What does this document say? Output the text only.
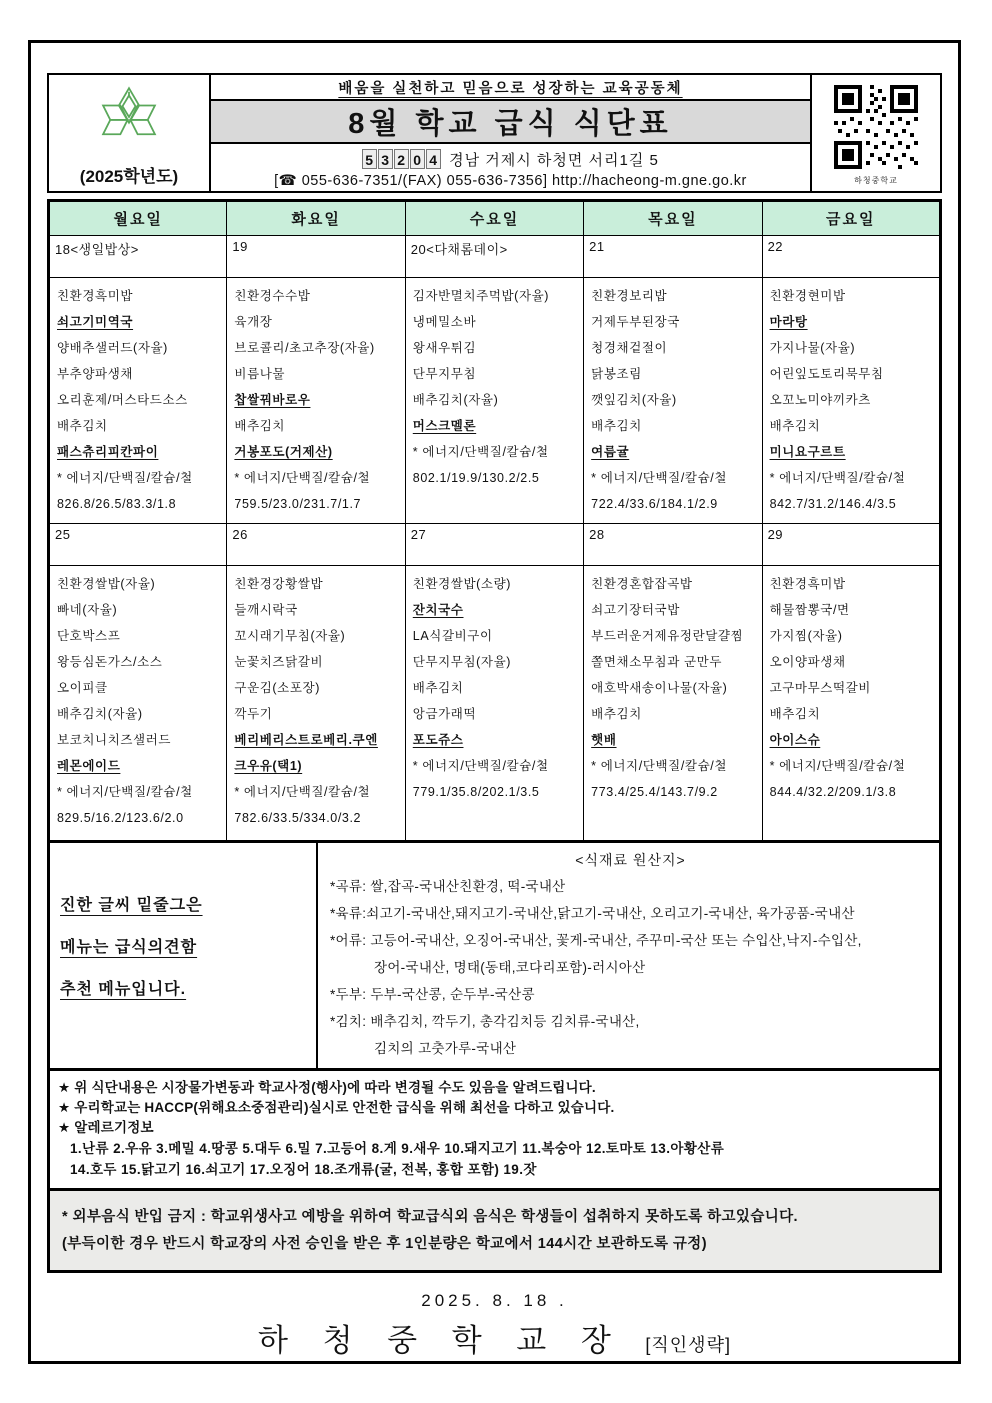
(2025학년도)
배움을 실천하고 믿음으로 성장하는 교육공동체
8월 학교 급식 식단표
5 3 2 0 4 경남 거제시 하청면 서리1길 5
[☎ 055-636-7351/(FAX) 055-636-7356] http://hacheong-m.gne.go.kr	하청중학교
월요일	화요일	수요일	목요일	금요일
18<생일밥상>	19	20<다채롬데이>	21	22

친환경흑미밥
쇠고기미역국
양배추샐러드(자율)
부추양파생채
오리훈제/머스타드소스
배추김치
패스츄리피칸파이
* 에너지/단백질/칼슘/철
826.8/26.5/83.3/1.8

친환경수수밥
육개장
브로콜리/초고추장(자율)
비름나물
찹쌀꿔바로우
배추김치
거봉포도(거제산)
* 에너지/단백질/칼슘/철
759.5/23.0/231.7/1.7

김자반멸치주먹밥(자율)
냉메밀소바
왕새우튀김
단무지무침
배추김치(자율)
머스크멜론
* 에너지/단백질/칼슘/철
802.1/19.9/130.2/2.5

친환경보리밥
거제두부된장국
청경채겉절이
닭봉조림
깻잎김치(자율)
배추김치
여름귤
* 에너지/단백질/칼슘/철
722.4/33.6/184.1/2.9

친환경현미밥
마라탕
가지나물(자율)
어린잎도토리묵무침
오꼬노미야끼카츠
배추김치
미니요구르트
* 에너지/단백질/칼슘/철
842.7/31.2/146.4/3.5

25	26	27	28	29

친환경쌀밥(자율)
빠네(자율)
단호박스프
왕등심돈가스/소스
오이피클
배추김치(자율)
보코치니치즈샐러드
레몬에이드
* 에너지/단백질/칼슘/철
829.5/16.2/123.6/2.0

친환경강황쌀밥
들깨시락국
꼬시래기무침(자율)
눈꽃치즈닭갈비
구운김(소포장)
깍두기
베리베리스트로베리.쿠엔
크우유(택1)
* 에너지/단백질/칼슘/철
782.6/33.5/334.0/3.2

친환경쌀밥(소량)
잔치국수
LA식갈비구이
단무지무침(자율)
배추김치
앙금가래떡
포도쥬스
* 에너지/단백질/칼슘/철
779.1/35.8/202.1/3.5

친환경혼합잡곡밥
쇠고기장터국밥
부드러운거제유정란달걀찜
쫄면채소무침과 군만두
애호박새송이나물(자율)
배추김치
햇배
* 에너지/단백질/칼슘/철
773.4/25.4/143.7/9.2

친환경흑미밥
해물짬뽕국/면
가지찜(자율)
오이양파생채
고구마무스떡갈비
배추김치
아이스슈
* 에너지/단백질/칼슘/철
844.4/32.2/209.1/3.8
진한 글씨 밑줄그은
메뉴는 급식의견함
추천 메뉴입니다.
<식재료 원산지>
*곡류: 쌀,잡곡-국내산친환경, 떡-국내산
*육류:쇠고기-국내산,돼지고기-국내산,닭고기-국내산, 오리고기-국내산, 육가공품-국내산
*어류: 고등어-국내산, 오징어-국내산, 꽃게-국내산, 주꾸미-국산 또는 수입산,낙지-수입산,
장어-국내산, 명태(동태,코다리포함)-러시아산
*두부: 두부-국산콩, 순두부-국산콩
*김치: 배추김치, 깍두기, 총각김치등 김치류-국내산,
김치의 고춧가루-국내산
★ 위 식단내용은 시장물가변동과 학교사정(행사)에 따라 변경될 수도 있음을 알려드립니다.
★ 우리학교는 HACCP(위해요소중점관리)실시로 안전한 급식을 위해 최선을 다하고 있습니다.
★ 알레르기정보
1.난류 2.우유 3.메밀 4.땅콩 5.대두 6.밀 7.고등어 8.게 9.새우 10.돼지고기 11.복숭아 12.토마토 13.아황산류
14.호두 15.닭고기 16.쇠고기 17.오징어 18.조개류(굴, 전복, 홍합 포함) 19.잣
* 외부음식 반입 금지 : 학교위생사고 예방을 위하여 학교급식외 음식은 학생들이 섭취하지 못하도록 하고있습니다.
(부득이한 경우 반드시 학교장의 사전 승인을 받은 후 1인분량은 학교에서 144시간 보관하도록 규정)
2025. 8. 18 .
하 청 중 학 교 장 [직인생략]
